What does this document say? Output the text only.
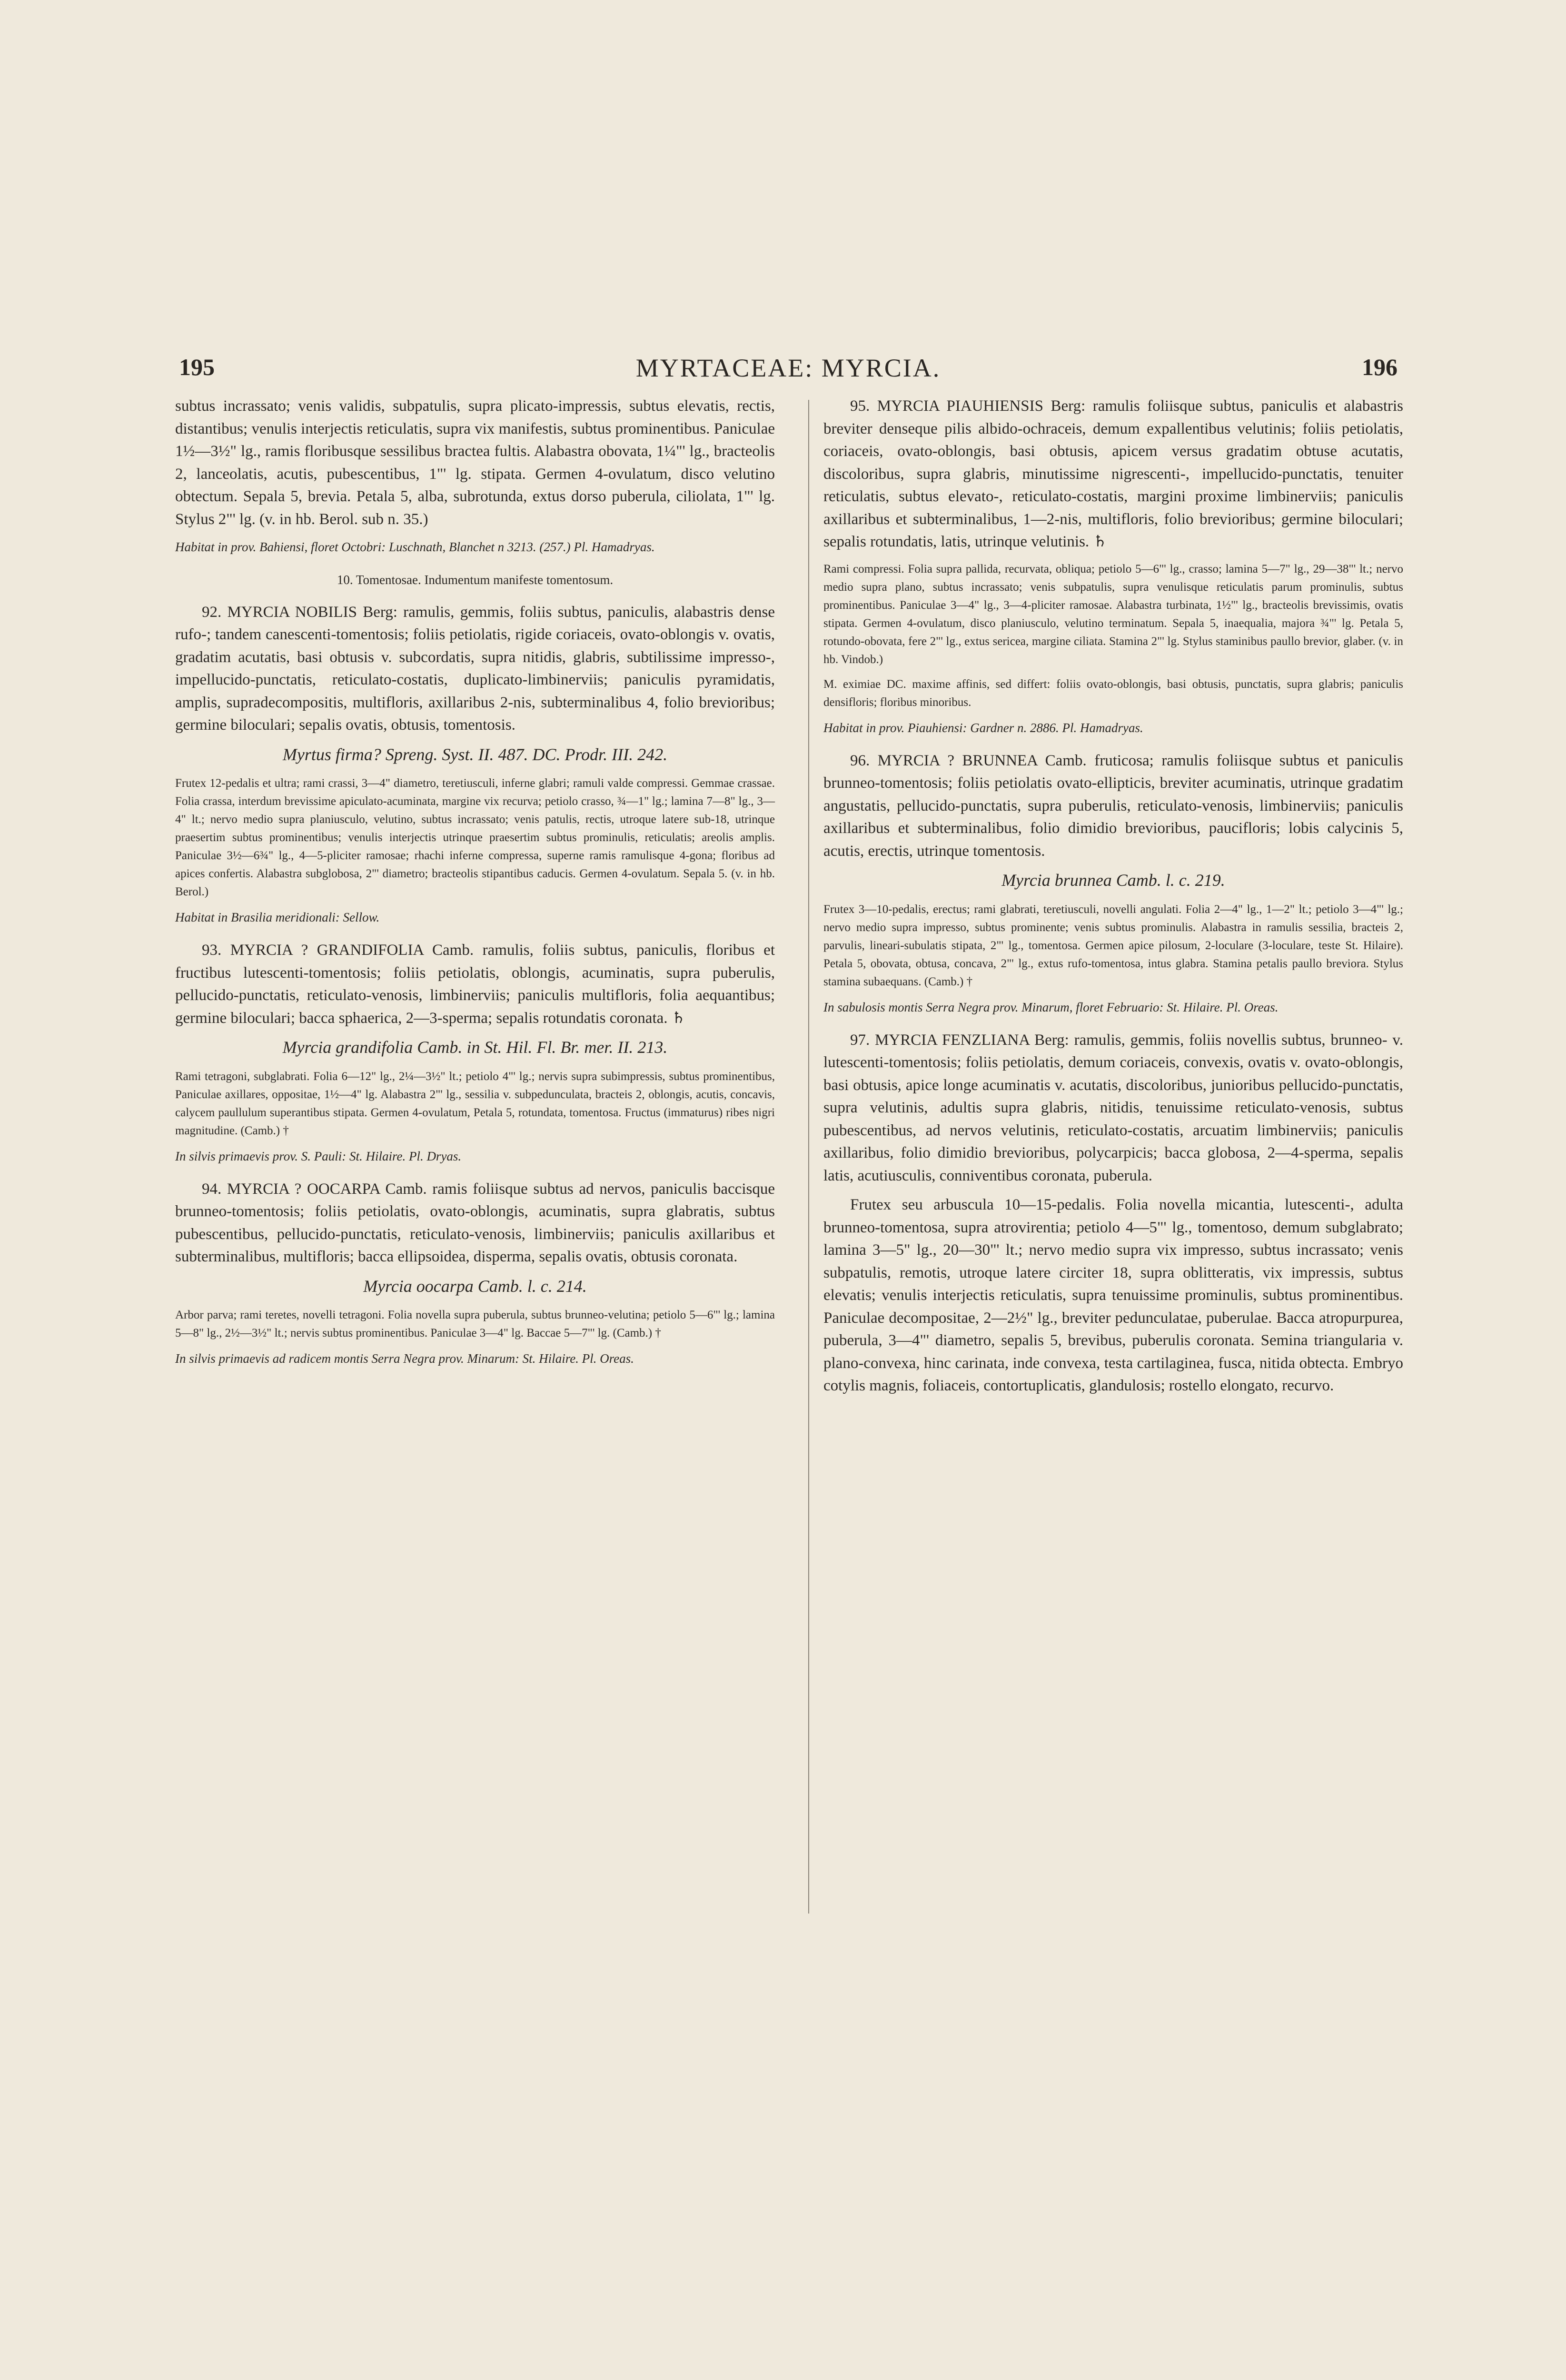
195	MYRTACEAE: MYRCIA.	196

subtus incrassato; venis validis, subpatulis, supra plicato-impressis, subtus elevatis, rectis, distantibus; venulis interjectis reticulatis, supra vix manifestis, subtus prominentibus. Paniculae 1½—3½" lg., ramis floribusque sessilibus bractea fultis. Alabastra obovata, 1¼"' lg., bracteolis 2, lanceolatis, acutis, pubescentibus, 1"' lg. stipata. Germen 4-ovulatum, disco velutino obtectum. Sepala 5, brevia. Petala 5, alba, subrotunda, extus dorso puberula, ciliolata, 1"' lg. Stylus 2"' lg. (v. in hb. Berol. sub n. 35.)

Habitat in prov. Bahiensi, floret Octobri: Luschnath, Blanchet n 3213. (257.) Pl. Hamadryas.

10. Tomentosae. Indumentum manifeste tomentosum.

92. MYRCIA NOBILIS Berg: ramulis, gemmis, foliis subtus, paniculis, alabastris dense rufo-; tandem canescenti-tomentosis; foliis petiolatis, rigide coriaceis, ovato-oblongis v. ovatis, gradatim acutatis, basi obtusis v. subcordatis, supra nitidis, glabris, subtilissime impresso-, impellucido-punctatis, reticulato-costatis, duplicato-limbinerviis; paniculis pyramidatis, amplis, supradecompositis, multifloris, axillaribus 2-nis, subterminalibus 4, folio brevioribus; germine biloculari; sepalis ovatis, obtusis, tomentosis.

Myrtus firma? Spreng. Syst. II. 487. DC. Prodr. III. 242.

Frutex 12-pedalis et ultra; rami crassi, 3—4" diametro, teretiusculi, inferne glabri; ramuli valde compressi. Gemmae crassae. Folia crassa, interdum brevissime apiculato-acuminata, margine vix recurva; petiolo crasso, ¾—1" lg.; lamina 7—8" lg., 3—4" lt.; nervo medio supra planiusculo, velutino, subtus incrassato; venis patulis, rectis, utroque latere sub-18, utrinque praesertim subtus prominentibus; venulis interjectis utrinque praesertim subtus prominulis, reticulatis; areolis amplis. Paniculae 3½—6¾" lg., 4—5-pliciter ramosae; rhachi inferne compressa, superne ramis ramulisque 4-gona; floribus ad apices confertis. Alabastra subglobosa, 2"' diametro; bracteolis stipantibus caducis. Germen 4-ovulatum. Sepala 5. (v. in hb. Berol.)

Habitat in Brasilia meridionali: Sellow.

93. MYRCIA ? GRANDIFOLIA Camb. ramulis, foliis subtus, paniculis, floribus et fructibus lutescenti-tomentosis; foliis petiolatis, oblongis, acuminatis, supra puberulis, pellucido-punctatis, reticulato-venosis, limbinerviis; paniculis multifloris, folia aequantibus; germine biloculari; bacca sphaerica, 2—3-sperma; sepalis rotundatis coronata. ♄

Myrcia grandifolia Camb. in St. Hil. Fl. Br. mer. II. 213.

Rami tetragoni, subglabrati. Folia 6—12" lg., 2¼—3½" lt.; petiolo 4"' lg.; nervis supra subimpressis, subtus prominentibus, Paniculae axillares, oppositae, 1½—4" lg. Alabastra 2"' lg., sessilia v. subpedunculata, bracteis 2, oblongis, acutis, concavis, calycem paullulum superantibus stipata. Germen 4-ovulatum, Petala 5, rotundata, tomentosa. Fructus (immaturus) ribes nigri magnitudine. (Camb.) †

In silvis primaevis prov. S. Pauli: St. Hilaire. Pl. Dryas.

94. MYRCIA ? OOCARPA Camb. ramis foliisque subtus ad nervos, paniculis baccisque brunneo-tomentosis; foliis petiolatis, ovato-oblongis, acuminatis, supra glabratis, subtus pubescentibus, pellucido-punctatis, reticulato-venosis, limbinerviis; paniculis axillaribus et subterminalibus, multifloris; bacca ellipsoidea, disperma, sepalis ovatis, obtusis coronata.

Myrcia oocarpa Camb. l. c. 214.

Arbor parva; rami teretes, novelli tetragoni. Folia novella supra puberula, subtus brunneo-velutina; petiolo 5—6"' lg.; lamina 5—8" lg., 2½—3½" lt.; nervis subtus prominentibus. Paniculae 3—4" lg. Baccae 5—7"' lg. (Camb.) †

In silvis primaevis ad radicem montis Serra Negra prov. Minarum: St. Hilaire. Pl. Oreas.

95. MYRCIA PIAUHIENSIS Berg: ramulis foliisque subtus, paniculis et alabastris breviter denseque pilis albido-ochraceis, demum expallentibus velutinis; foliis petiolatis, coriaceis, ovato-oblongis, basi obtusis, apicem versus gradatim obtuse acutatis, discoloribus, supra glabris, minutissime nigrescenti-, impellucido-punctatis, tenuiter reticulatis, subtus elevato-, reticulato-costatis, margini proxime limbinerviis; paniculis axillaribus et subterminalibus, 1—2-nis, multifloris, folio brevioribus; germine biloculari; sepalis rotundatis, latis, utrinque velutinis. ♄

Rami compressi. Folia supra pallida, recurvata, obliqua; petiolo 5—6"' lg., crasso; lamina 5—7" lg., 29—38"' lt.; nervo medio supra plano, subtus incrassato; venis subpatulis, supra venulisque reticulatis parum prominulis, subtus prominentibus. Paniculae 3—4" lg., 3—4-pliciter ramosae. Alabastra turbinata, 1½"' lg., bracteolis brevissimis, ovatis stipata. Germen 4-ovulatum, disco planiusculo, velutino terminatum. Sepala 5, inaequalia, majora ¾"' lg. Petala 5, rotundo-obovata, fere 2"' lg., extus sericea, margine ciliata. Stamina 2"' lg. Stylus staminibus paullo brevior, glaber. (v. in hb. Vindob.)

M. eximiae DC. maxime affinis, sed differt: foliis ovato-oblongis, basi obtusis, punctatis, supra glabris; paniculis densifloris; floribus minoribus.

Habitat in prov. Piauhiensi: Gardner n. 2886. Pl. Hamadryas.

96. MYRCIA ? BRUNNEA Camb. fruticosa; ramulis foliisque subtus et paniculis brunneo-tomentosis; foliis petiolatis ovato-ellipticis, breviter acuminatis, utrinque gradatim angustatis, pellucido-punctatis, supra puberulis, reticulato-venosis, limbinerviis; paniculis axillaribus et subterminalibus, folio dimidio brevioribus, paucifloris; lobis calycinis 5, acutis, erectis, utrinque tomentosis.

Myrcia brunnea Camb. l. c. 219.

Frutex 3—10-pedalis, erectus; rami glabrati, teretiusculi, novelli angulati. Folia 2—4" lg., 1—2" lt.; petiolo 3—4"' lg.; nervo medio supra impresso, subtus prominente; venis subtus prominulis. Alabastra in ramulis sessilia, bracteis 2, parvulis, lineari-subulatis stipata, 2"' lg., tomentosa. Germen apice pilosum, 2-loculare (3-loculare, teste St. Hilaire). Petala 5, obovata, obtusa, concava, 2"' lg., extus rufo-tomentosa, intus glabra. Stamina petalis paullo breviora. Stylus stamina subaequans. (Camb.) †

In sabulosis montis Serra Negra prov. Minarum, floret Februario: St. Hilaire. Pl. Oreas.

97. MYRCIA FENZLIANA Berg: ramulis, gemmis, foliis novellis subtus, brunneo- v. lutescenti-tomentosis; foliis petiolatis, demum coriaceis, convexis, ovatis v. ovato-oblongis, basi obtusis, apice longe acuminatis v. acutatis, discoloribus, junioribus pellucido-punctatis, supra velutinis, adultis supra glabris, nitidis, tenuissime reticulato-venosis, subtus pubescentibus, ad nervos velutinis, reticulato-costatis, arcuatim limbinerviis; paniculis axillaribus, folio dimidio brevioribus, polycarpicis; bacca globosa, 2—4-sperma, sepalis latis, acutiusculis, conniventibus coronata, puberula.

Frutex seu arbuscula 10—15-pedalis. Folia novella micantia, lutescenti-, adulta brunneo-tomentosa, supra atrovirentia; petiolo 4—5"' lg., tomentoso, demum subglabrato; lamina 3—5" lg., 20—30"' lt.; nervo medio supra vix impresso, subtus incrassato; venis subpatulis, remotis, utroque latere circiter 18, supra oblitteratis, vix impressis, subtus elevatis; venulis interjectis reticulatis, supra tenuissime prominulis, subtus prominentibus. Paniculae decompositae, 2—2½" lg., breviter pedunculatae, puberulae. Bacca atropurpurea, puberula, 3—4"' diametro, sepalis 5, brevibus, puberulis coronata. Semina triangularia v. plano-convexa, hinc carinata, inde convexa, testa cartilaginea, fusca, nitida obtecta. Embryo cotylis magnis, foliaceis, contortuplicatis, glandulosis; rostello elongato, recurvo.
